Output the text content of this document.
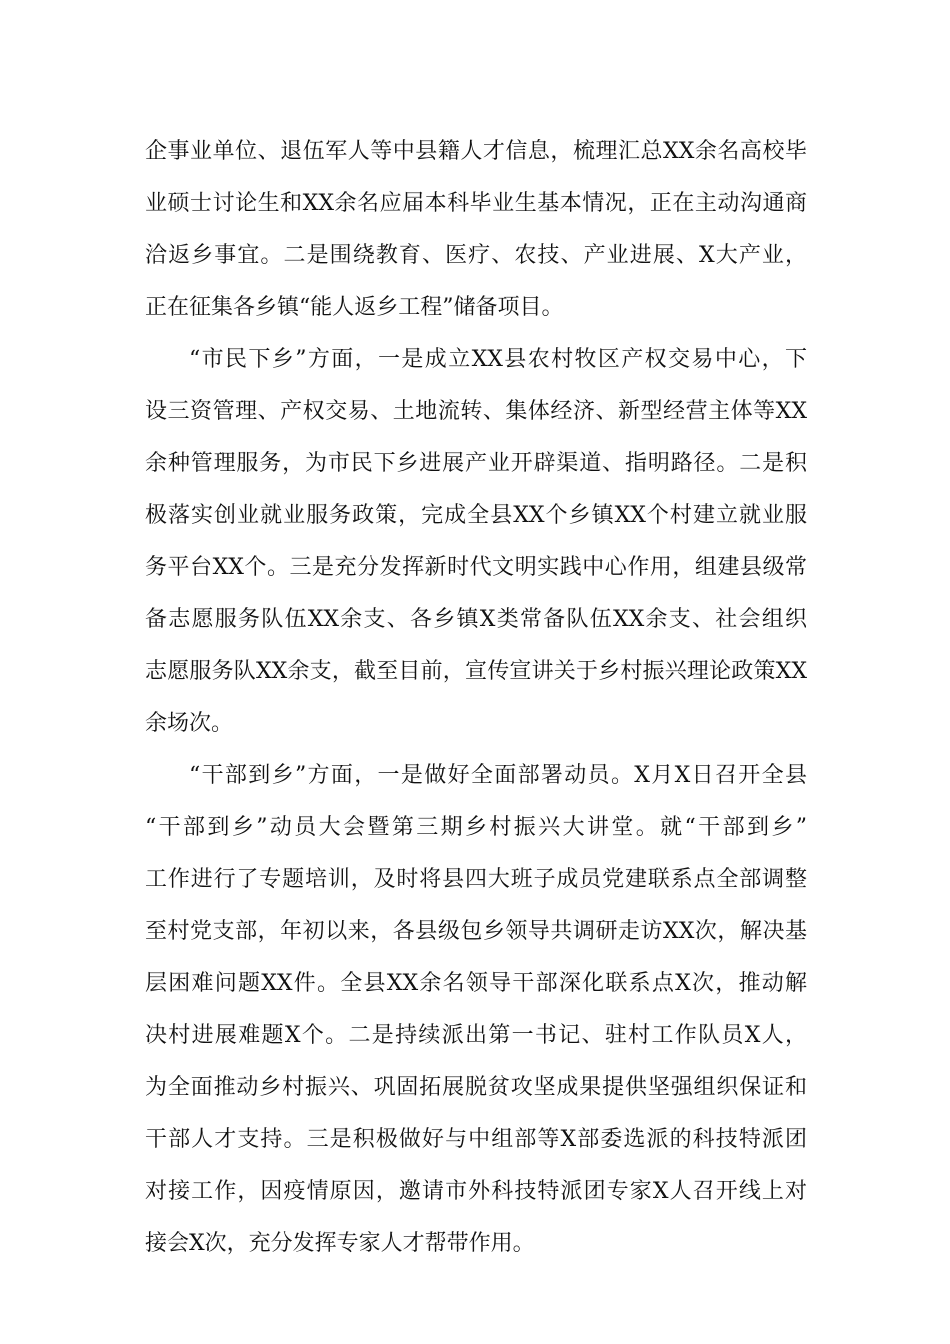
企事业单位、退伍军人等中县籍人才信息，梳理汇总XX余名高校毕
业硕士讨论生和XX余名应届本科毕业生基本情况，正在主动沟通商
洽返乡事宜。二是围绕教育、医疗、农技、产业进展、X大产业，
正在征集各乡镇“能人返乡工程”储备项目。
“市民下乡”方面，一是成立XX县农村牧区产权交易中心，下
设三资管理、产权交易、土地流转、集体经济、新型经营主体等XX
余种管理服务，为市民下乡进展产业开辟渠道、指明路径。二是积
极落实创业就业服务政策，完成全县XX个乡镇XX个村建立就业服
务平台XX个。三是充分发挥新时代文明实践中心作用，组建县级常
备志愿服务队伍XX余支、各乡镇X类常备队伍XX余支、社会组织
志愿服务队XX余支，截至目前，宣传宣讲关于乡村振兴理论政策XX
余场次。
“干部到乡”方面，一是做好全面部署动员。X月X日召开全县
“干部到乡”动员大会暨第三期乡村振兴大讲堂。就“干部到乡”
工作进行了专题培训，及时将县四大班子成员党建联系点全部调整
至村党支部，年初以来，各县级包乡领导共调研走访XX次，解决基
层困难问题XX件。全县XX余名领导干部深化联系点X次，推动解
决村进展难题X个。二是持续派出第一书记、驻村工作队员X人，
为全面推动乡村振兴、巩固拓展脱贫攻坚成果提供坚强组织保证和
干部人才支持。三是积极做好与中组部等X部委选派的科技特派团
对接工作，因疫情原因，邀请市外科技特派团专家X人召开线上对
接会X次，充分发挥专家人才帮带作用。
